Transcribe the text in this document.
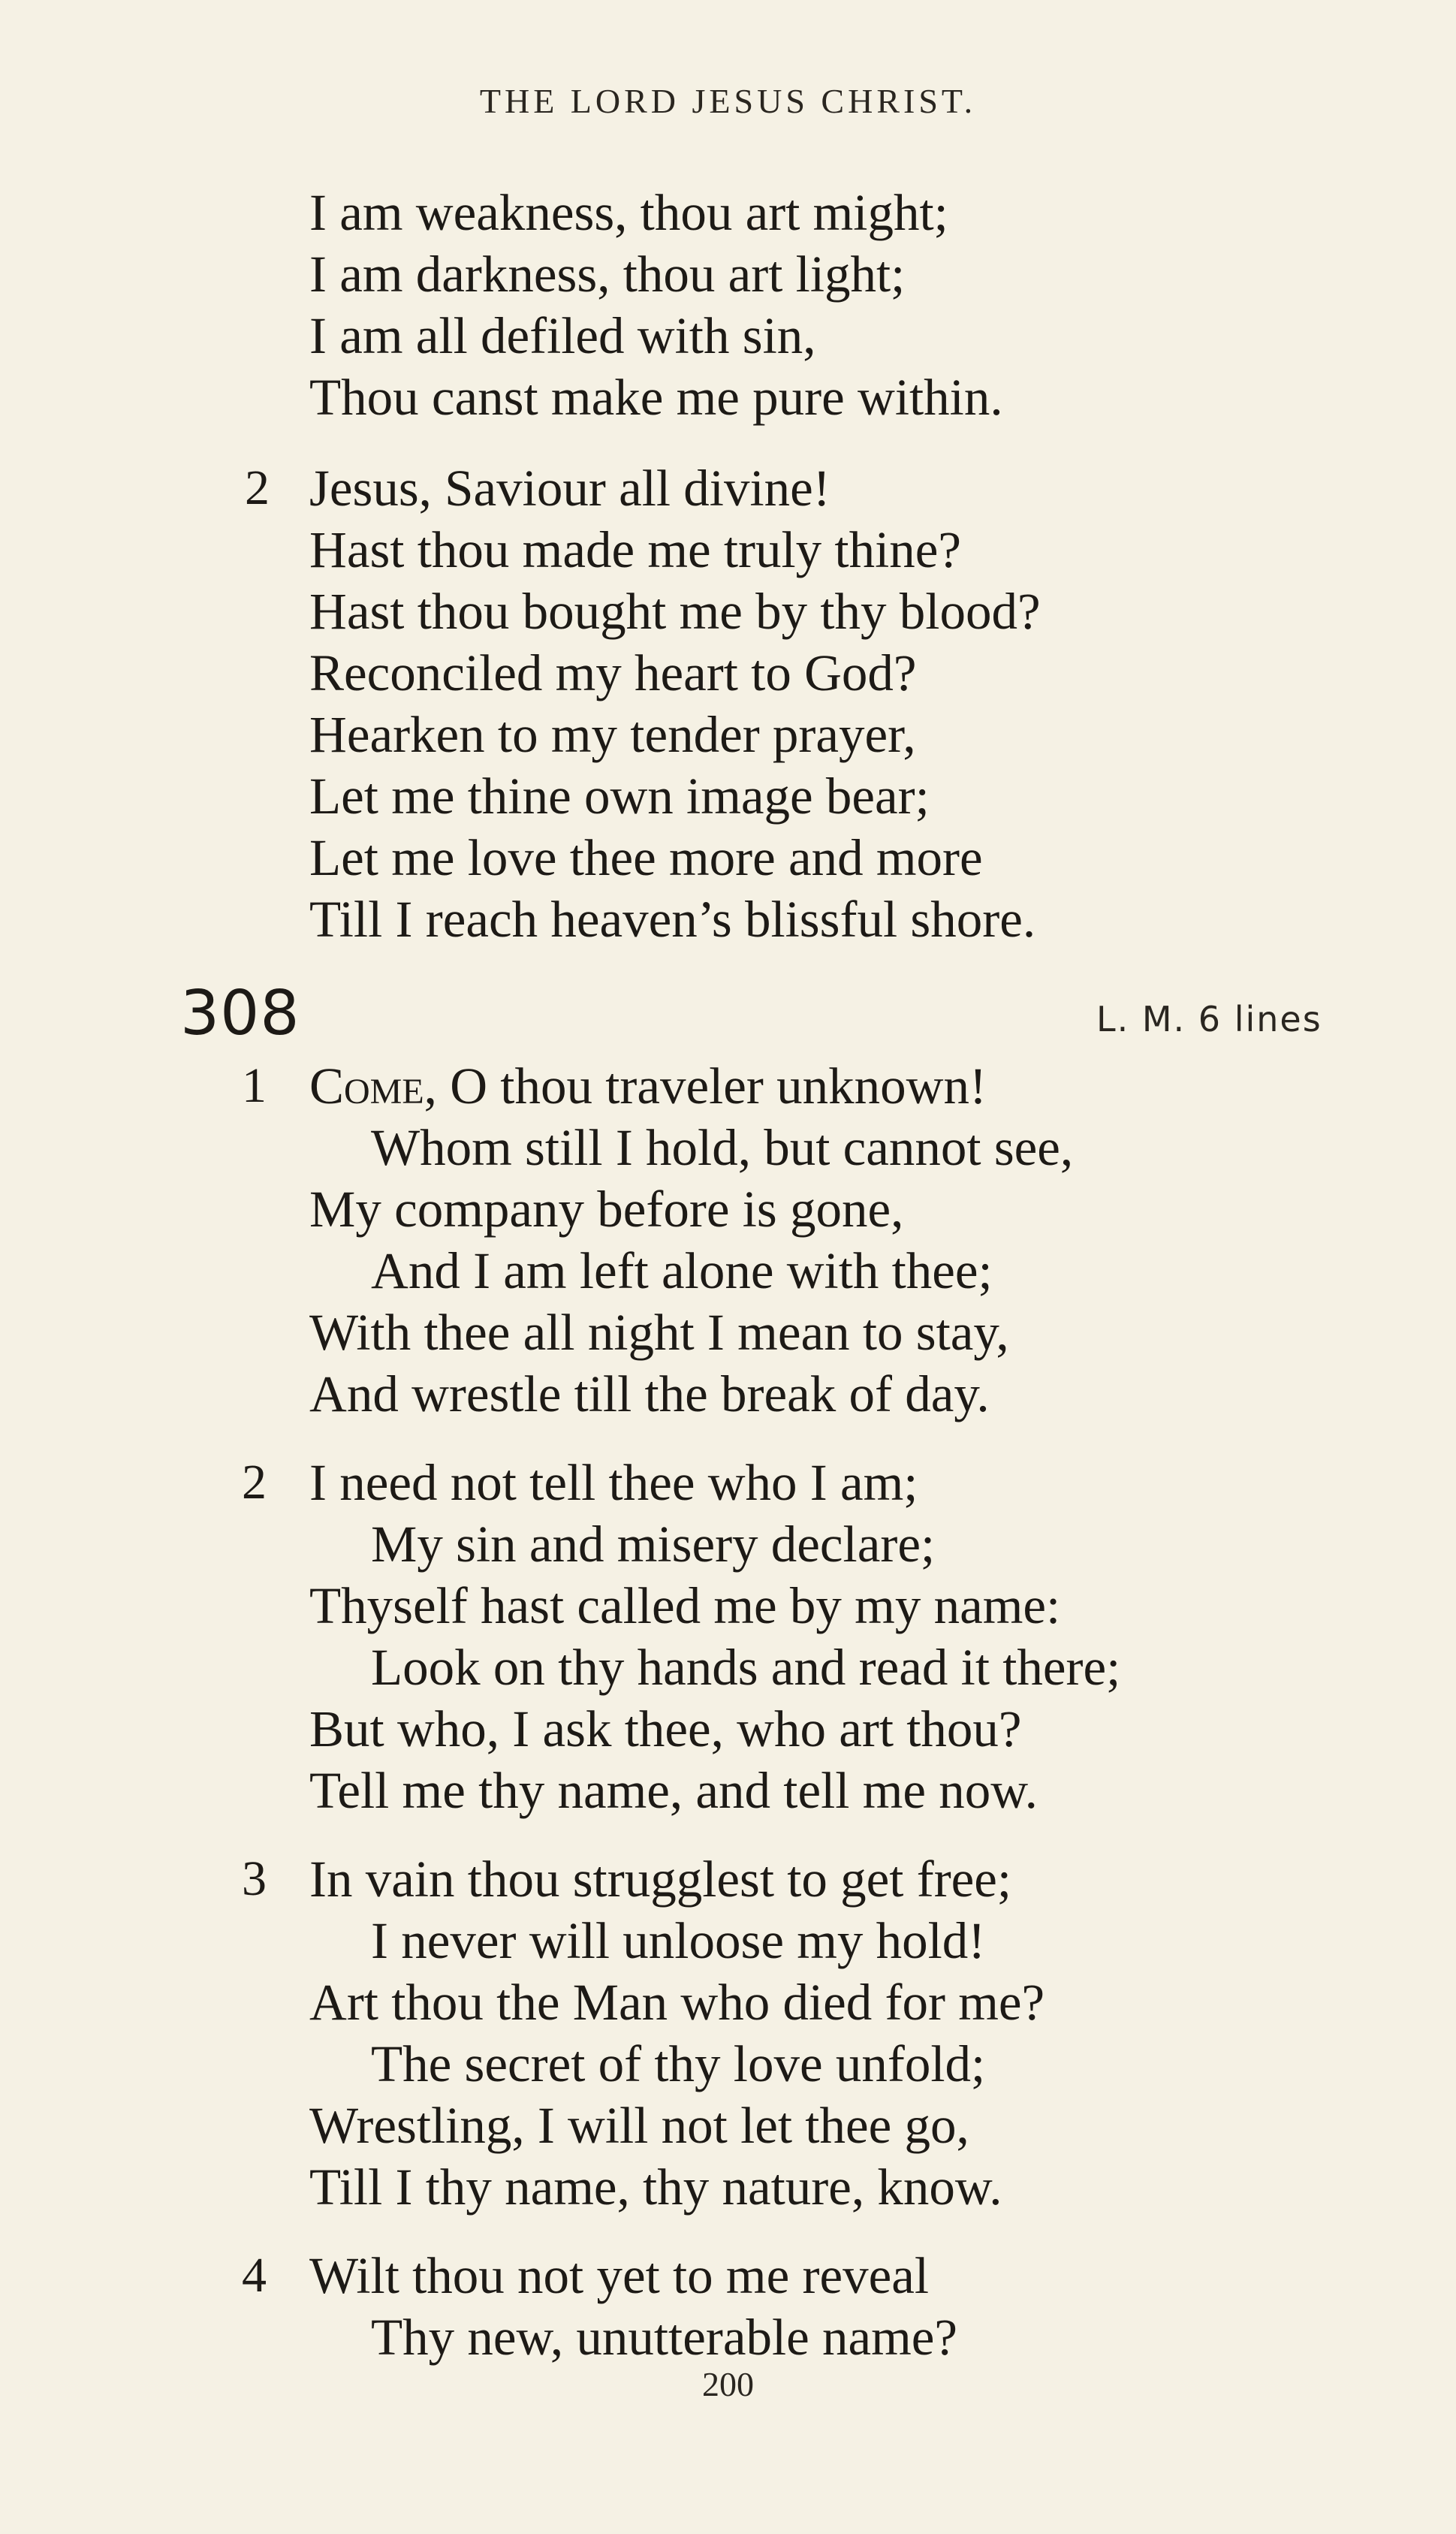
THE LORD JESUS CHRIST.
I am weakness, thou art might;
I am darkness, thou art light;
I am all defiled with sin,
Thou canst make me pure within.
2 Jesus, Saviour all divine!
Hast thou made me truly thine?
Hast thou bought me by thy blood?
Reconciled my heart to God?
Hearken to my tender prayer,
Let me thine own image bear;
Let me love thee more and more
Till I reach heaven’s blissful shore.
308	L. M. 6 lines
1 Come, O thou traveler unknown!
Whom still I hold, but cannot see,
My company before is gone,
And I am left alone with thee;
With thee all night I mean to stay,
And wrestle till the break of day.
2 I need not tell thee who I am;
My sin and misery declare;
Thyself hast called me by my name:
Look on thy hands and read it there;
But who, I ask thee, who art thou?
Tell me thy name, and tell me now.
3 In vain thou strugglest to get free;
I never will unloose my hold!
Art thou the Man who died for me?
The secret of thy love unfold;
Wrestling, I will not let thee go,
Till I thy name, thy nature, know.
4 Wilt thou not yet to me reveal
Thy new, unutterable name?
200
